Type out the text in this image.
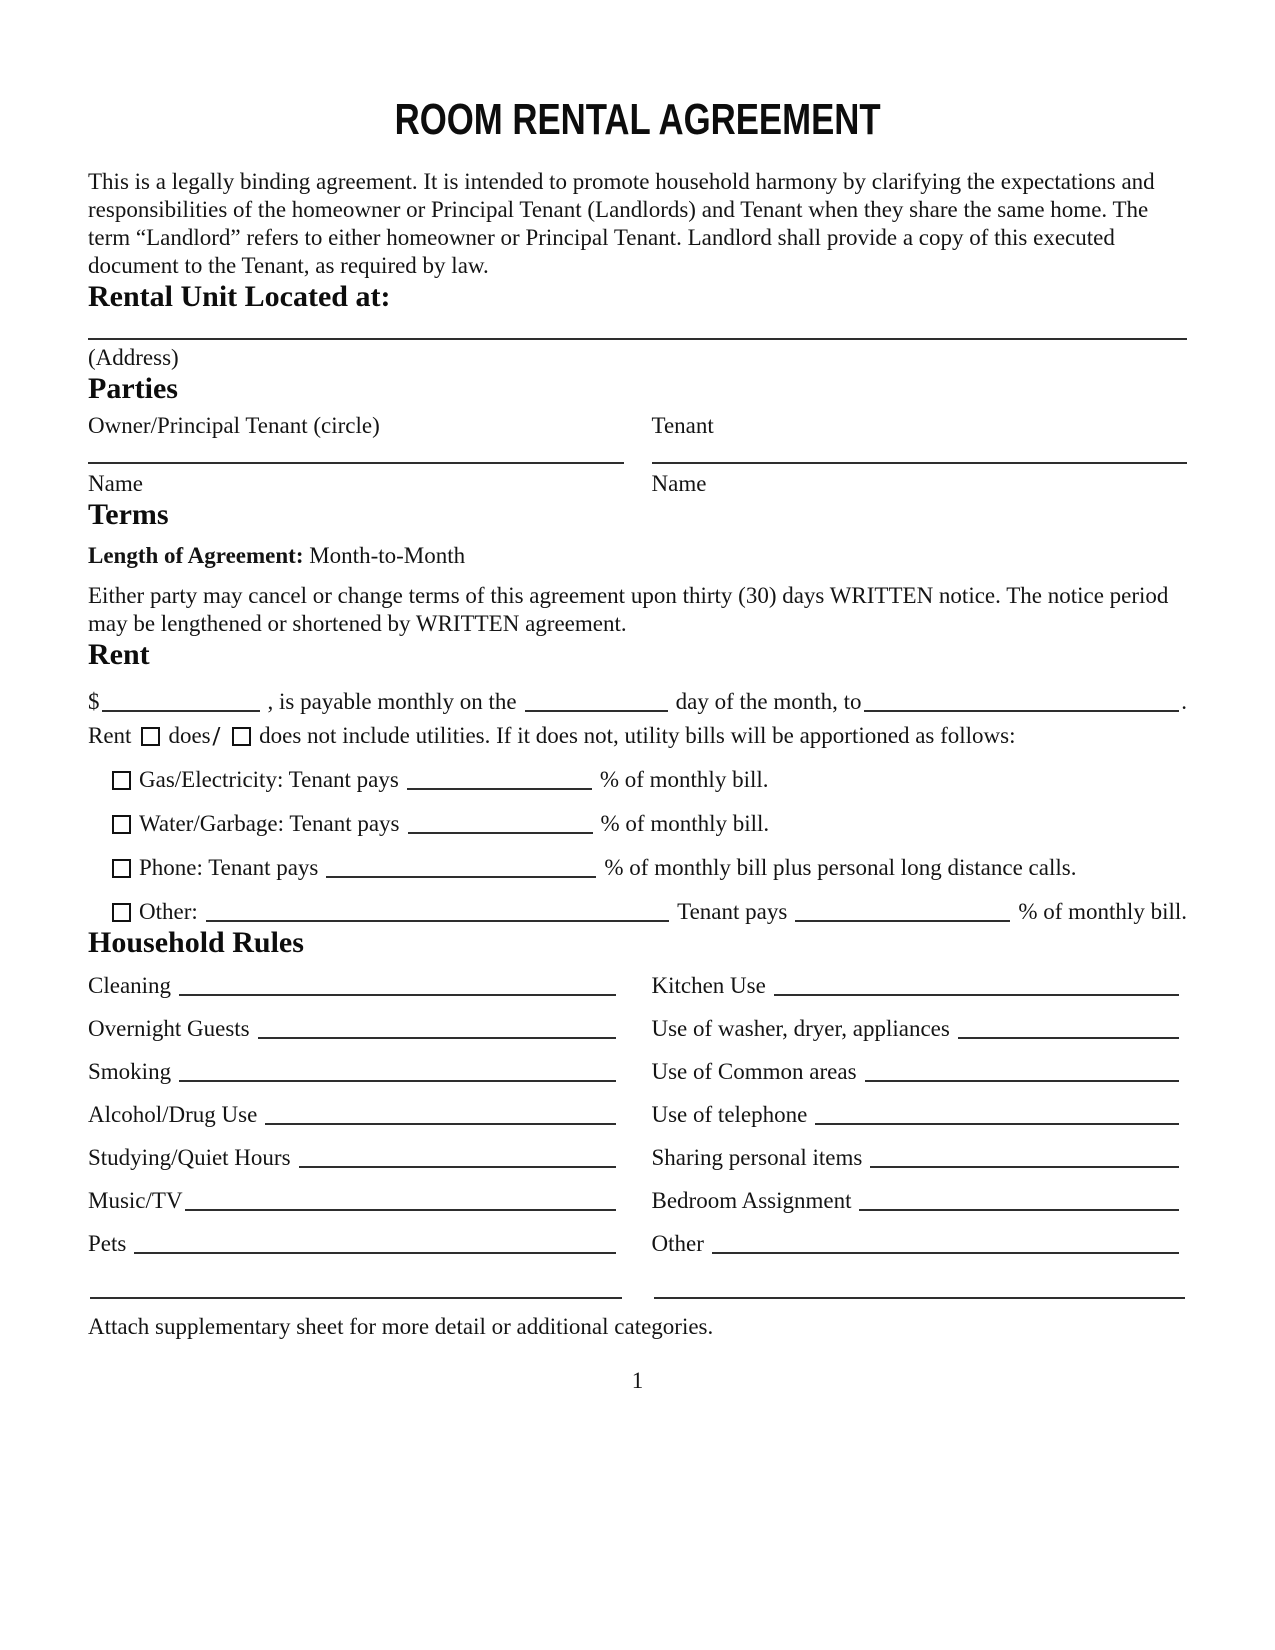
ROOM RENTAL AGREEMENT

This is a legally binding agreement. It is intended to promote household harmony by clarifying the expectations and responsibilities of the homeowner or Principal Tenant (Landlords) and Tenant when they share the same home. The term “Landlord” refers to either homeowner or Principal Tenant. Landlord shall provide a copy of this executed document to the Tenant, as required by law.

Rental Unit Located at:
(Address)
Parties
Owner/Principal Tenant (circle)	Tenant
Name	Name
Terms

Length of Agreement: Month-to-Month

Either party may cancel or change terms of this agreement upon thirty (30) days WRITTEN notice. The notice period may be lengthened or shortened by WRITTEN agreement.

Rent
$	, is payable monthly on the	day of the month, to	.
Rent does / does not include utilities. If it does not, utility bills will be apportioned as follows:
Gas/Electricity: Tenant pays	% of monthly bill.
Water/Garbage: Tenant pays	% of monthly bill.
Phone: Tenant pays	% of monthly bill plus personal long distance calls.
Other:	Tenant pays	% of monthly bill.
Household Rules
Cleaning	Kitchen Use
Overnight Guests	Use of washer, dryer, appliances
Smoking	Use of Common areas
Alcohol/Drug Use	Use of telephone
Studying/Quiet Hours	Sharing personal items
Music/TV	Bedroom Assignment
Pets	Other

Attach supplementary sheet for more detail or additional categories.

1
